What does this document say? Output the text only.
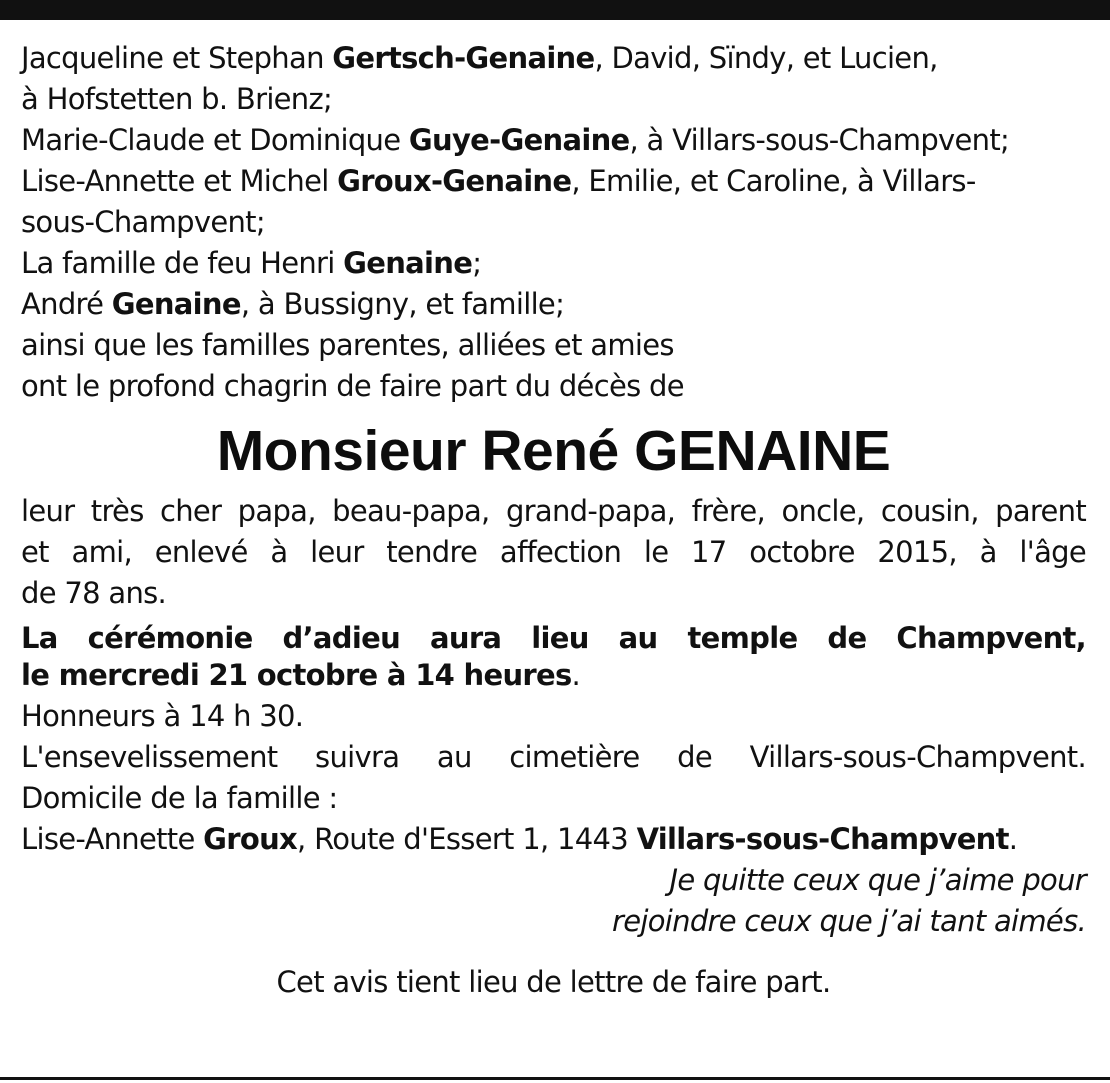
Jacqueline et Stephan Gertsch-Genaine, David, Sïndy, et Lucien,
à Hofstetten b. Brienz;
Marie-Claude et Dominique Guye-Genaine, à Villars-sous-Champvent;
Lise-Annette et Michel Groux-Genaine, Emilie, et Caroline, à Villars-
sous-Champvent;
La famille de feu Henri Genaine;
André Genaine, à Bussigny, et famille;
ainsi que les familles parentes, alliées et amies
ont le profond chagrin de faire part du décès de
Monsieur René GENAINE
leur très cher papa, beau-papa, grand-papa, frère, oncle, cousin, parent
et ami, enlevé à leur tendre affection le 17 octobre 2015, à l'âge
de 78 ans.
La cérémonie d’adieu aura lieu au temple de Champvent,
le mercredi 21 octobre à 14 heures.
Honneurs à 14 h 30.
L'ensevelissement suivra au cimetière de Villars-sous-Champvent.
Domicile de la famille :
Lise-Annette Groux, Route d'Essert 1, 1443 Villars-sous-Champvent.
Je quitte ceux que j’aime pour
rejoindre ceux que j’ai tant aimés.
Cet avis tient lieu de lettre de faire part.
